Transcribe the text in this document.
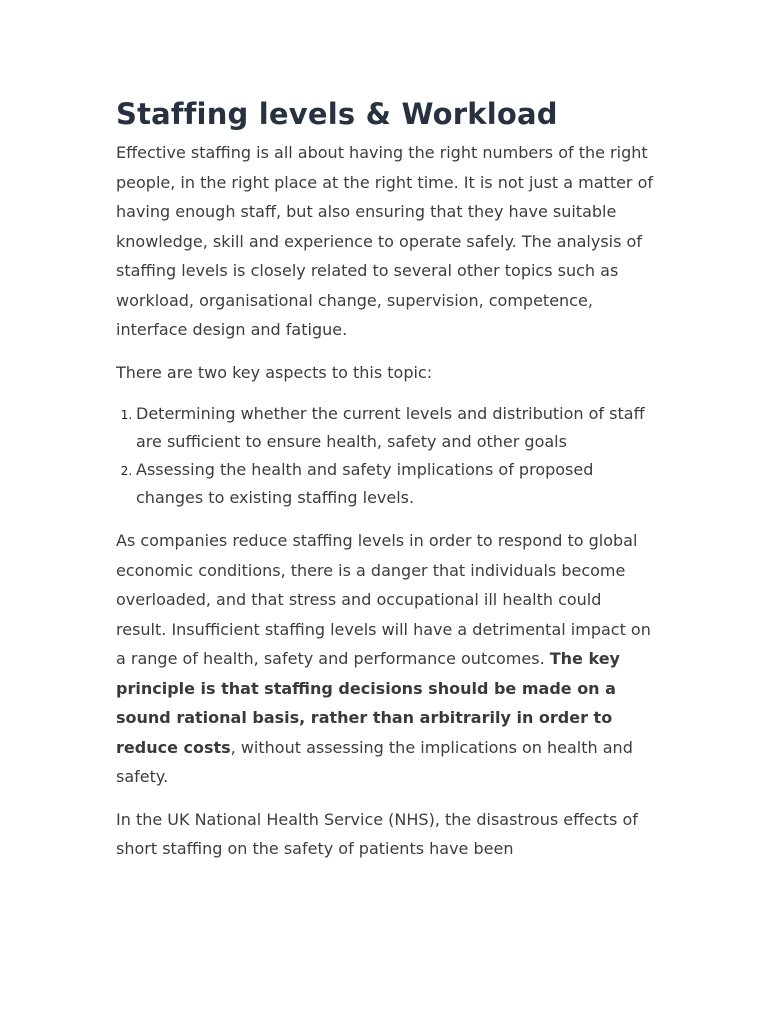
Staffing levels & Workload

Effective staffing is all about having the right numbers of the right people, in the right place at the right time. It is not just a matter of having enough staff, but also ensuring that they have suitable knowledge, skill and experience to operate safely. The analysis of staffing levels is closely related to several other topics such as workload, organisational change, supervision, competence, interface design and fatigue.

There are two key aspects to this topic:

1. Determining whether the current levels and distribution of staff are sufficient to ensure health, safety and other goals
2. Assessing the health and safety implications of proposed changes to existing staffing levels.

As companies reduce staffing levels in order to respond to global economic conditions, there is a danger that individuals become overloaded, and that stress and occupational ill health could result. Insufficient staffing levels will have a detrimental impact on a range of health, safety and performance outcomes. The key principle is that staffing decisions should be made on a sound rational basis, rather than arbitrarily in order to reduce costs, without assessing the implications on health and safety.

In the UK National Health Service (NHS), the disastrous effects of short staffing on the safety of patients have been
